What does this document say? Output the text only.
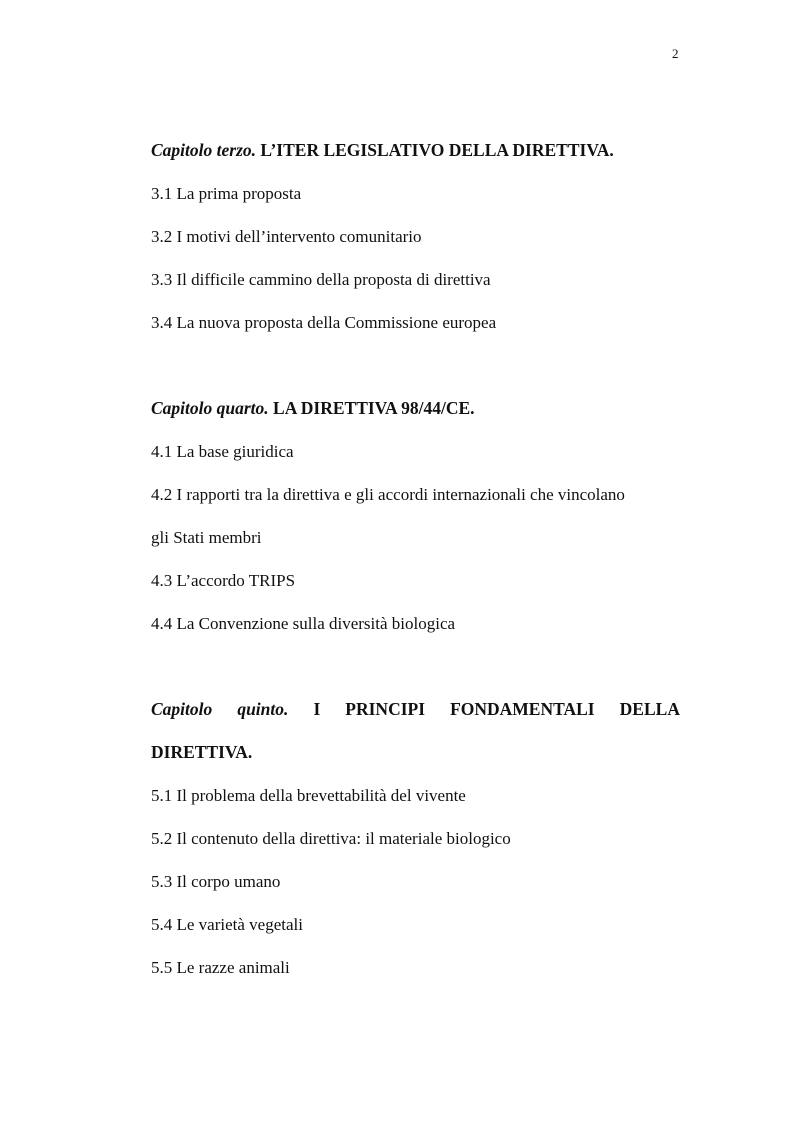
2
Capitolo terzo. L’ITER LEGISLATIVO DELLA DIRETTIVA.
3.1 La prima proposta
3.2 I motivi dell’intervento comunitario
3.3 Il difficile cammino della proposta di direttiva
3.4 La nuova proposta della Commissione europea
Capitolo quarto. LA DIRETTIVA 98/44/CE.
4.1 La base giuridica
4.2 I rapporti tra la direttiva e gli accordi internazionali che vincolano
gli Stati membri
4.3 L’accordo TRIPS
4.4 La Convenzione sulla diversità biologica
Capitolo quinto. I PRINCIPI FONDAMENTALI DELLA
DIRETTIVA.
5.1 Il problema della brevettabilità del vivente
5.2 Il contenuto della direttiva: il materiale biologico
5.3 Il corpo umano
5.4 Le varietà vegetali
5.5 Le razze animali
